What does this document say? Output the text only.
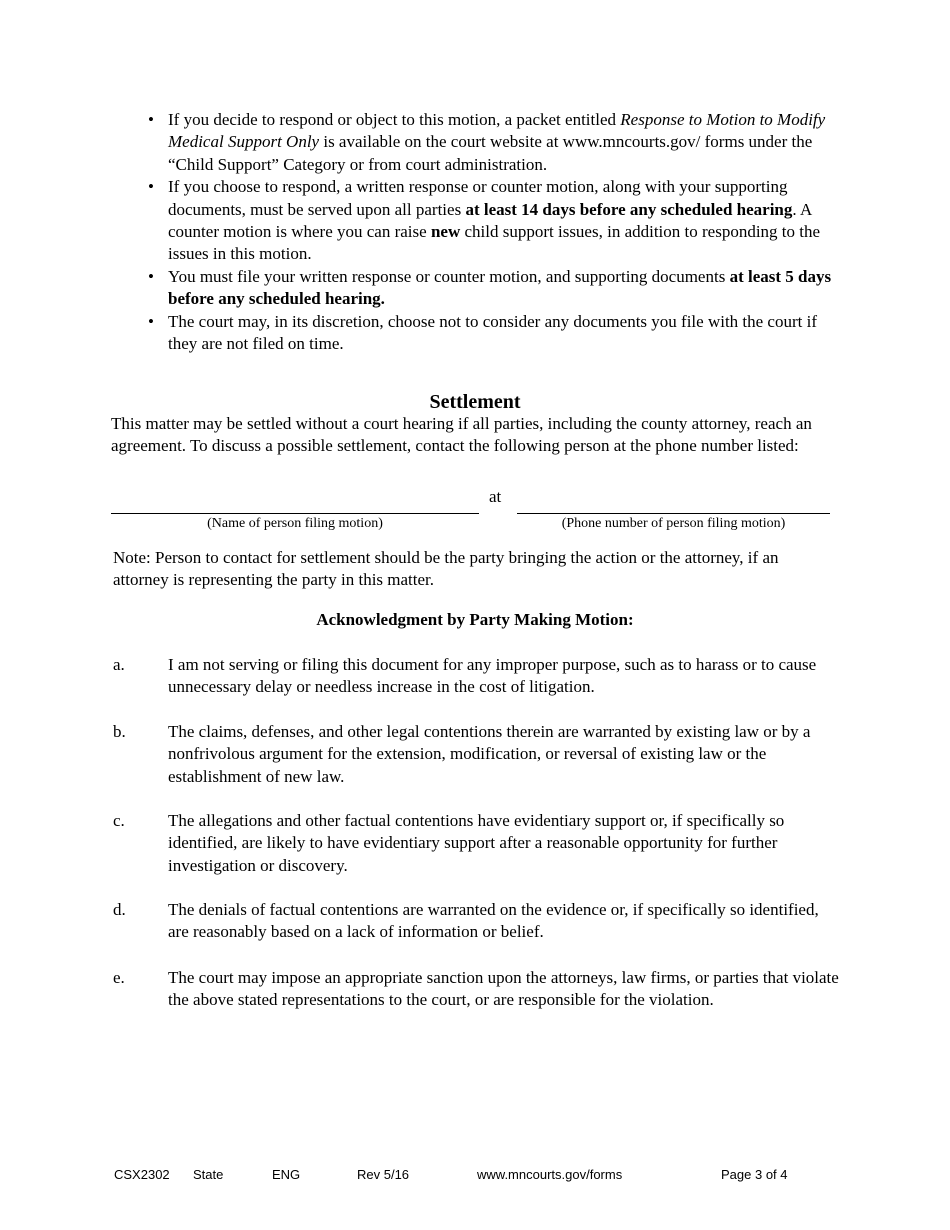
• If you decide to respond or object to this motion, a packet entitled Response to Motion to Modify Medical Support Only is available on the court website at www.mncourts.gov/ forms under the “Child Support” Category or from court administration.
• If you choose to respond, a written response or counter motion, along with your supporting documents, must be served upon all parties at least 14 days before any scheduled hearing. A counter motion is where you can raise new child support issues, in addition to responding to the issues in this motion.
• You must file your written response or counter motion, and supporting documents at least 5 days before any scheduled hearing.
• The court may, in its discretion, choose not to consider any documents you file with the court if they are not filed on time.
Settlement
This matter may be settled without a court hearing if all parties, including the county attorney, reach an agreement. To discuss a possible settlement, contact the following person at the phone number listed:
at
(Name of person filing motion)	(Phone number of person filing motion)
Note: Person to contact for settlement should be the party bringing the action or the attorney, if an attorney is representing the party in this matter.
Acknowledgment by Party Making Motion:
a.	I am not serving or filing this document for any improper purpose, such as to harass or to cause unnecessary delay or needless increase in the cost of litigation.
b.	The claims, defenses, and other legal contentions therein are warranted by existing law or by a nonfrivolous argument for the extension, modification, or reversal of existing law or the establishment of new law.
c.	The allegations and other factual contentions have evidentiary support or, if specifically so identified, are likely to have evidentiary support after a reasonable opportunity for further investigation or discovery.
d.	The denials of factual contentions are warranted on the evidence or, if specifically so identified, are reasonably based on a lack of information or belief.
e.	The court may impose an appropriate sanction upon the attorneys, law firms, or parties that violate the above stated representations to the court, or are responsible for the violation.
CSX2302 State	ENG	Rev 5/16	www.mncourts.gov/forms	Page 3 of 4
